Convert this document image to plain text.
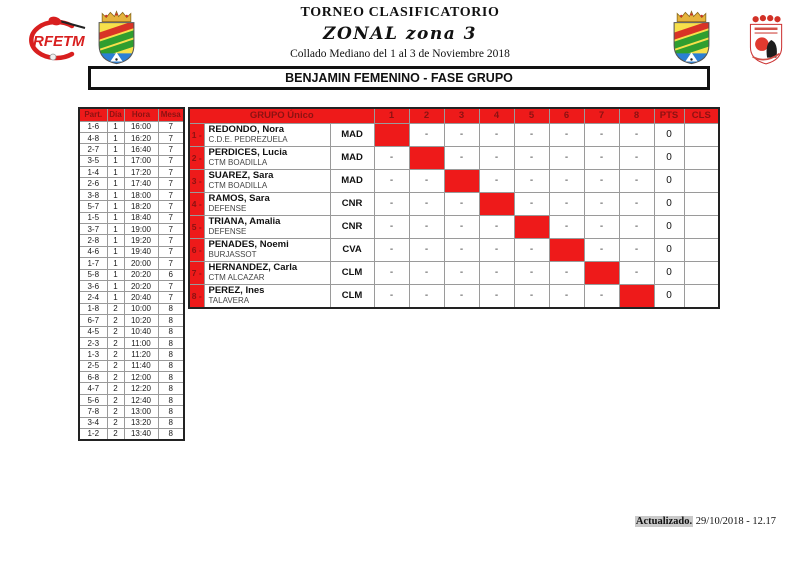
RFETM
TORNEO CLASIFICATORIO
ZONAL zona 3
Collado Mediano del 1 al 3 de Noviembre 2018
BENJAMIN FEMENINO - FASE GRUPO
Part.	Día	Hora	Mesa
1-6	1	16:00	7
4-8	1	16:20	7
2-7	1	16:40	7
3-5	1	17:00	7
1-4	1	17:20	7
2-6	1	17:40	7
3-8	1	18:00	7
5-7	1	18:20	7
1-5	1	18:40	7
3-7	1	19:00	7
2-8	1	19:20	7
4-6	1	19:40	7
1-7	1	20:00	7
5-8	1	20:20	6
3-6	1	20:20	7
2-4	1	20:40	7
1-8	2	10:00	8
6-7	2	10:20	8
4-5	2	10:40	8
2-3	2	11:00	8
1-3	2	11:20	8
2-5	2	11:40	8
6-8	2	12:00	8
4-7	2	12:20	8
5-6	2	12:40	8
7-8	2	13:00	8
3-4	2	13:20	8
1-2	2	13:40	8
GRUPO Único			1	2	3	4	5	6	7	8	PTS	CLS
1 -	REDONDO, Nora
C.D.E. PEDREZUELA	MAD		-	-	-	-	-	-	-	0	
2 -	PERDICES, Lucia
CTM BOADILLA	MAD	-		-	-	-	-	-	-	0	
3 -	SUAREZ, Sara
CTM BOADILLA	MAD	-	-		-	-	-	-	-	0	
4 -	RAMOS, Sara
DEFENSE	CNR	-	-	-		-	-	-	-	0	
5 -	TRIANA, Amalia
DEFENSE	CNR	-	-	-	-		-	-	-	0	
6 -	PENADES, Noemi
BURJASSOT	CVA	-	-	-	-	-		-	-	0	
7 -	HERNANDEZ, Carla
CTM ALCAZAR	CLM	-	-	-	-	-	-		-	0	
8 -	PEREZ, Ines
TALAVERA	CLM	-	-	-	-	-	-	-		0	
Actualizado. 29/10/2018 - 12.17
